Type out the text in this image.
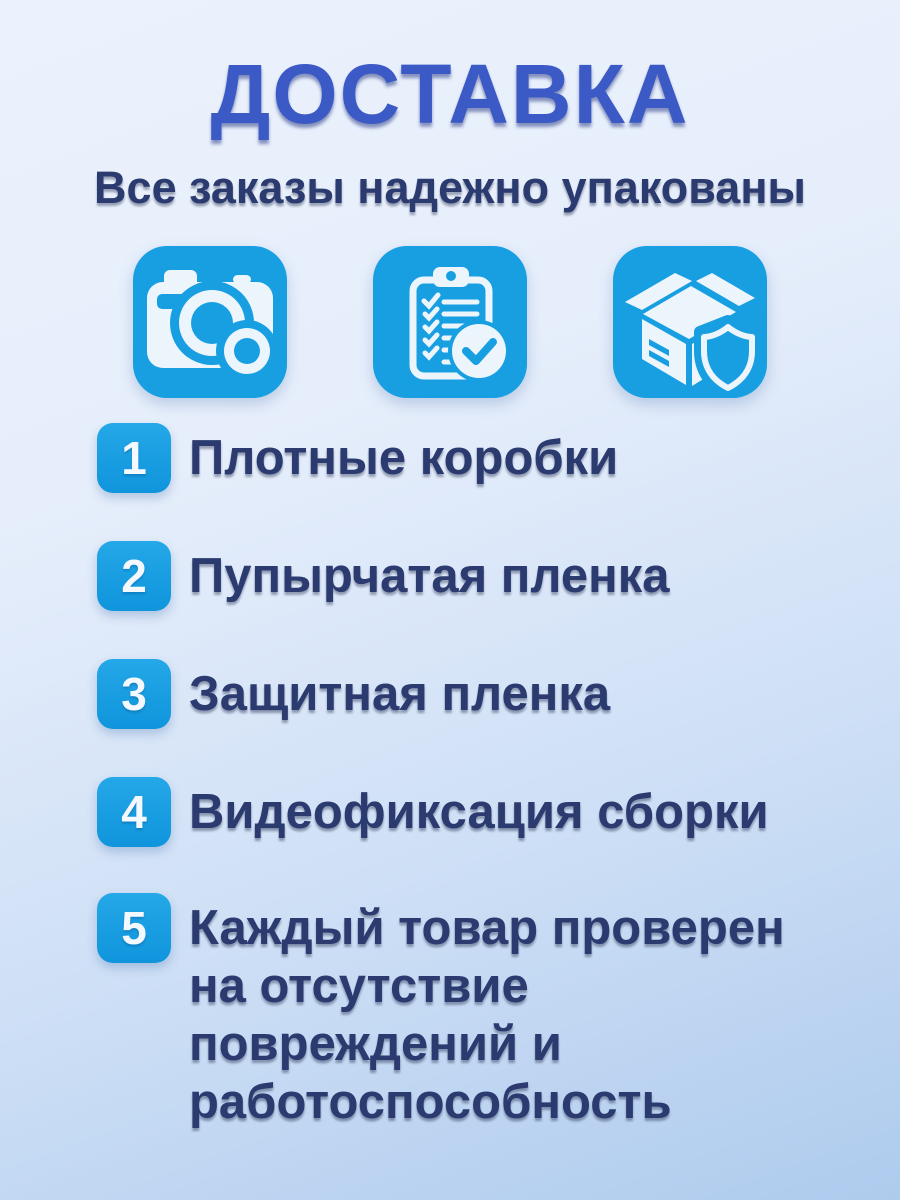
ДОСТАВКА
Все заказы надежно упакованы
1 Плотные коробки
2 Пупырчатая пленка
3 Защитная пленка
4 Видеофиксация сборки
5 Каждый товар проверен
на отсутствие
повреждений и
работоспособность
